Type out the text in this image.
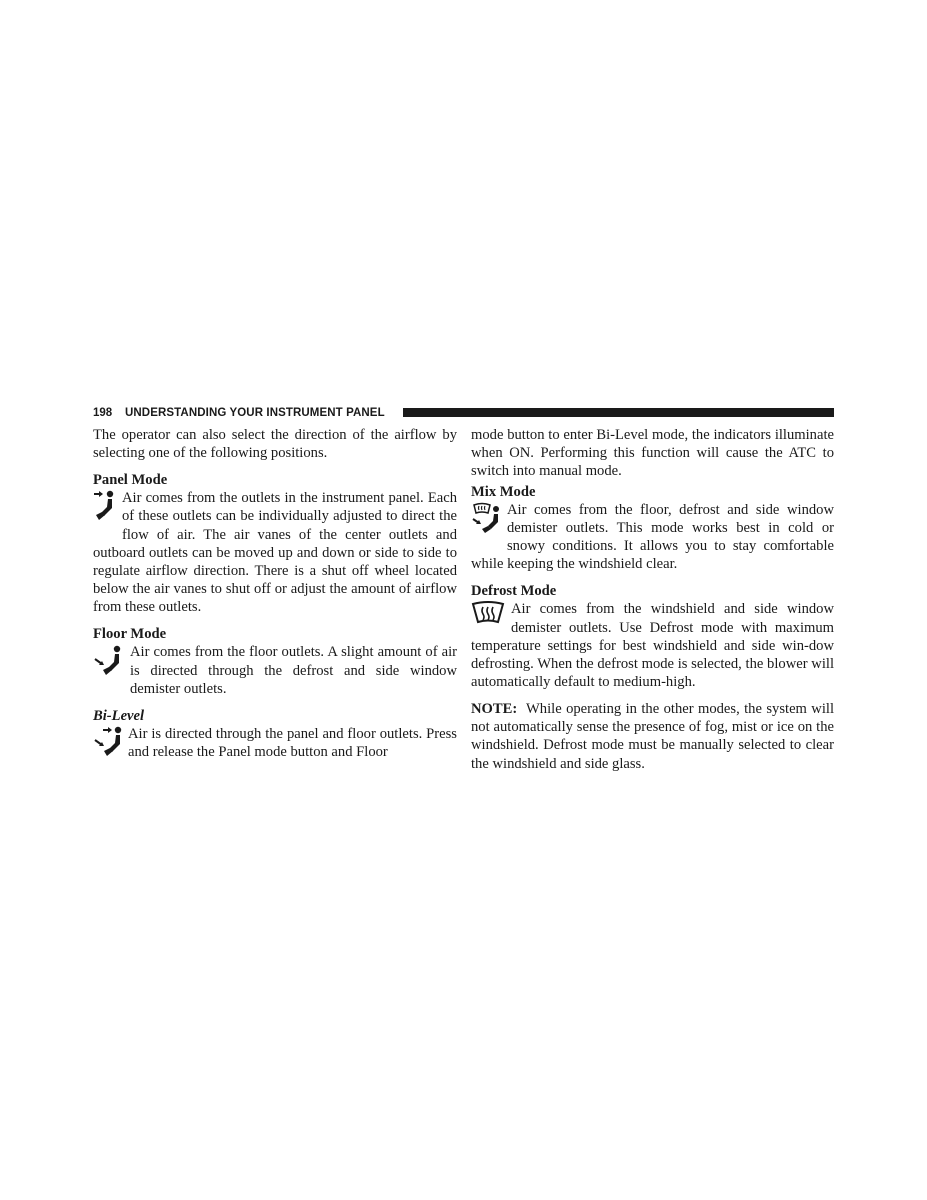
198 UNDERSTANDING YOUR INSTRUMENT PANEL

The operator can also select the direction of the airflow by selecting one of the following positions.

Panel Mode

Air comes from the outlets in the instrument panel. Each of these outlets can be individually adjusted to direct the flow of air. The air vanes of the center outlets and outboard outlets can be moved up and down or side to side to regulate airflow direction. There is a shut off wheel located below the air vanes to shut off or adjust the amount of airflow from these outlets.

Floor Mode

Air comes from the floor outlets. A slight amount of air is directed through the defrost and side window demister outlets.

Bi-Level

Air is directed through the panel and floor outlets. Press and release the Panel mode button and Floor

mode button to enter Bi-Level mode, the indicators illuminate when ON. Performing this function will cause the ATC to switch into manual mode.

Mix Mode

Air comes from the floor, defrost and side window demister outlets. This mode works best in cold or snowy conditions. It allows you to stay comfortable while keeping the windshield clear.

Defrost Mode

Air comes from the windshield and side window demister outlets. Use Defrost mode with maximum temperature settings for best windshield and side win-dow defrosting. When the defrost mode is selected, the blower will automatically default to medium-high.

NOTE: While operating in the other modes, the system will not automatically sense the presence of fog, mist or ice on the windshield. Defrost mode must be manually selected to clear the windshield and side glass.
